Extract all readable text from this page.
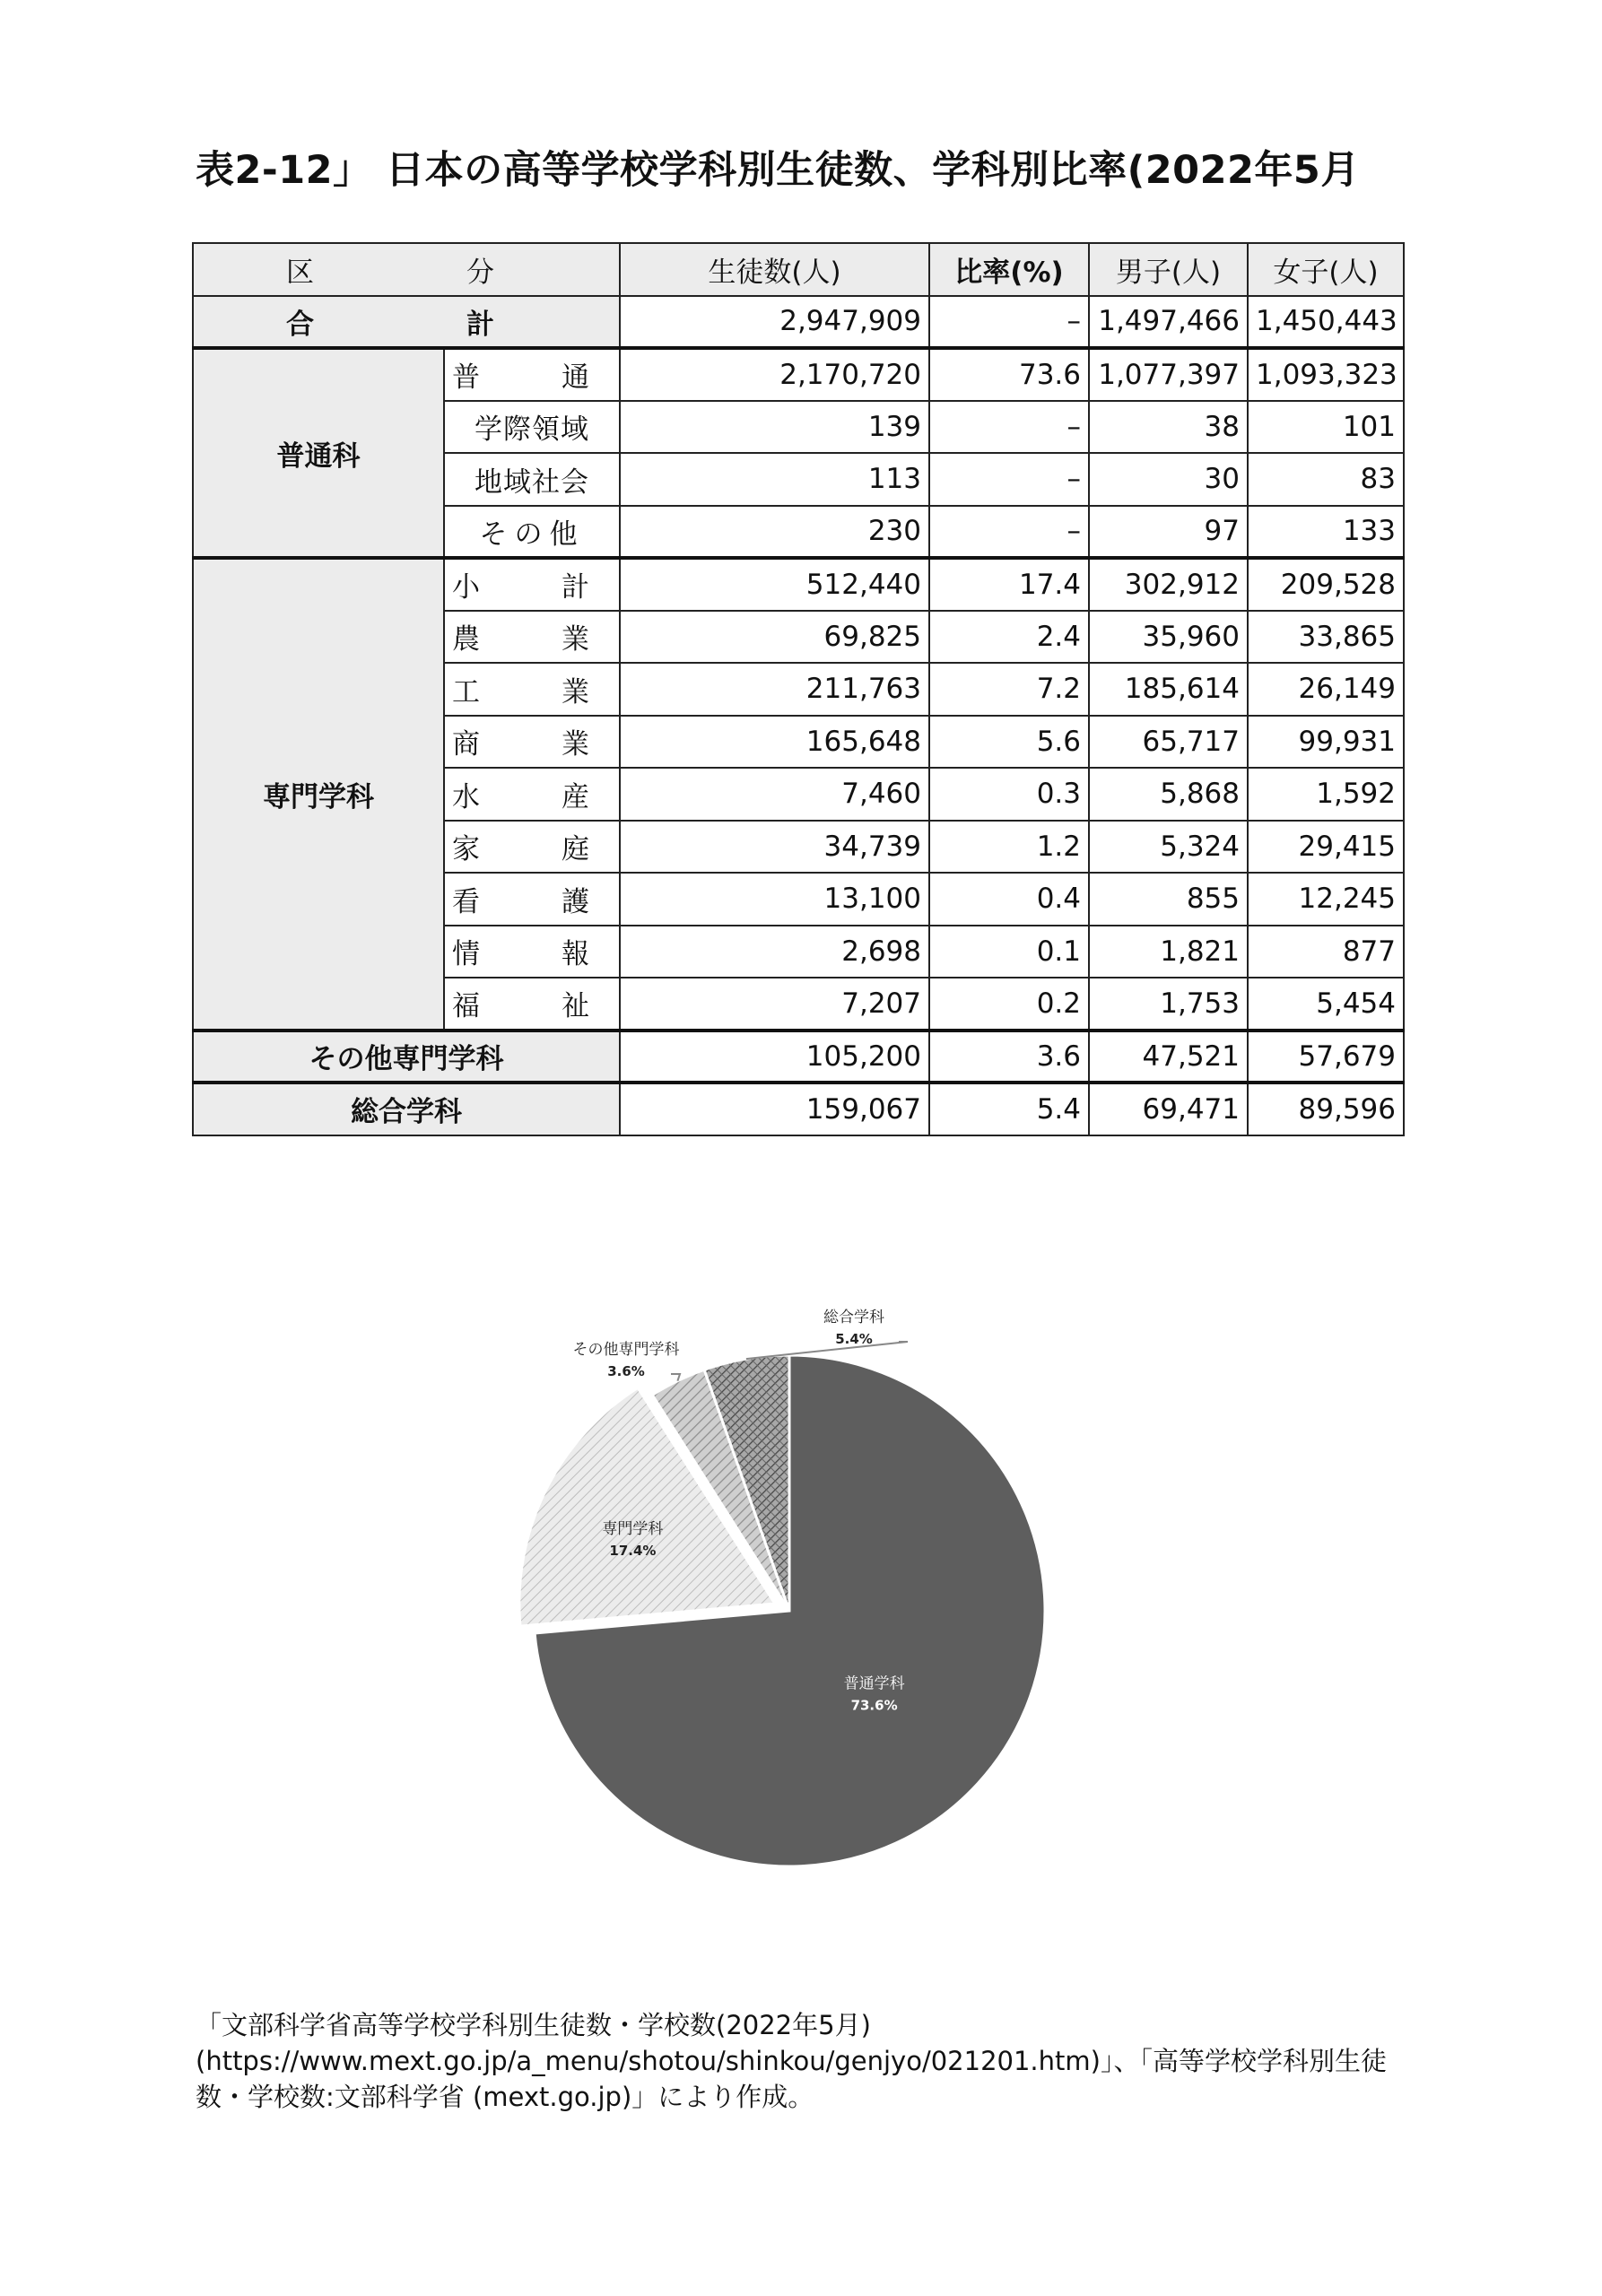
表2-12」 日本の高等学校学科別生徒数、学科別比率(2022年5月
区　　分		生徒数(人)	比率(%)	男子(人)	女子(人)
合　　計		2,947,909	–	1,497,466	1,450,443
普通科	普　通	2,170,720	73.6	1,077,397	1,093,323
	学際領域	139	–	38	101
	地域社会	113	–	30	83
	その他	230	–	97	133
専門学科	小　計	512,440	17.4	302,912	209,528
	農　業	69,825	2.4	35,960	33,865
	工　業	211,763	7.2	185,614	26,149
	商　業	165,648	5.6	65,717	99,931
	水　産	7,460	0.3	5,868	1,592
	家　庭	34,739	1.2	5,324	29,415
	看　護	13,100	0.4	855	12,245
	情　報	2,698	0.1	1,821	877
	福　祉	7,207	0.2	1,753	5,454
その他専門学科		105,200	3.6	47,521	57,679
総合学科		159,067	5.4	69,471	89,596
普通学科
73.6%
専門学科
17.4%
その他専門学科
3.6%
総合学科
5.4%
「文部科学省高等学校学科別生徒数・学校数(2022年5月)
(https://www.mext.go.jp/a_menu/shotou/shinkou/genjyo/021201.htm)」、「高等学校学科別生徒
数・学校数:文部科学省 (mext.go.jp)」により作成。
